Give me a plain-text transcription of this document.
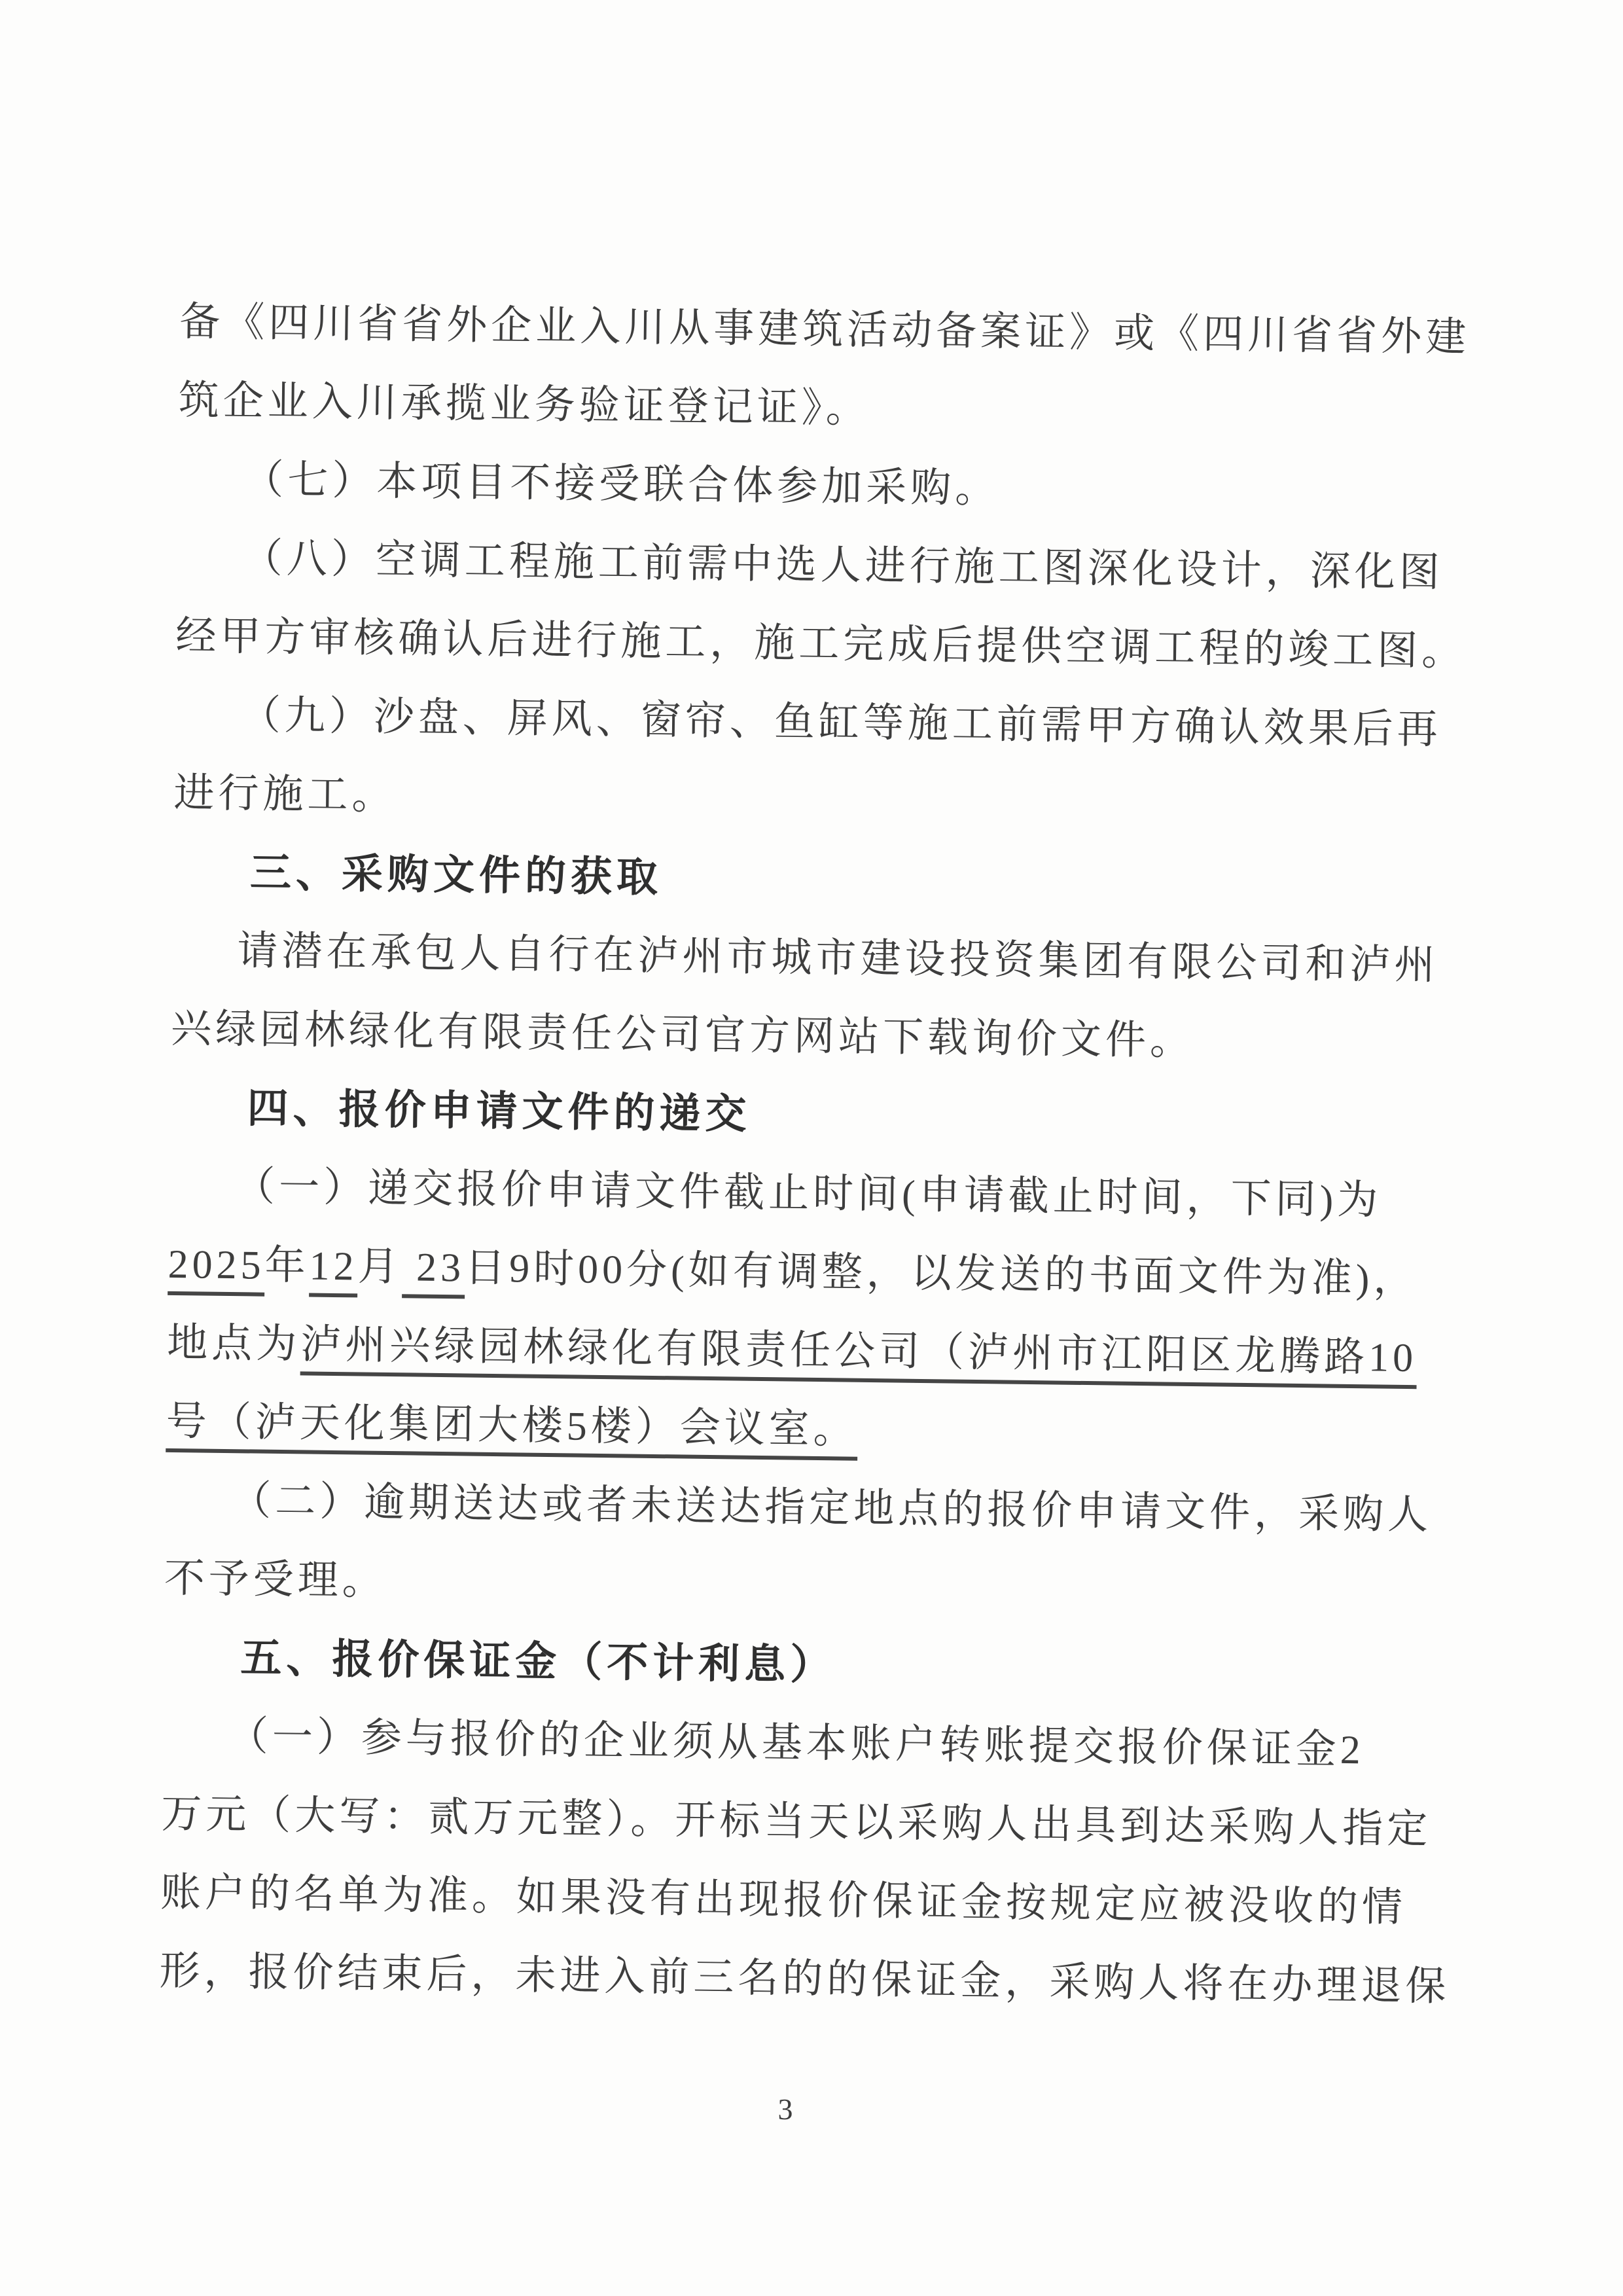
备《四川省省外企业入川从事建筑活动备案证》或《四川省省外建
筑企业入川承揽业务验证登记证》。
（七）本项目不接受联合体参加采购。
（八）空调工程施工前需中选人进行施工图深化设计，深化图
经甲方审核确认后进行施工，施工完成后提供空调工程的竣工图。
（九）沙盘、屏风、窗帘、鱼缸等施工前需甲方确认效果后再
进行施工。
三、采购文件的获取
请潜在承包人自行在泸州市城市建设投资集团有限公司和泸州
兴绿园林绿化有限责任公司官方网站下载询价文件。
四、报价申请文件的递交
（一）递交报价申请文件截止时间(申请截止时间，下同)为
2025年12月 23日9时00分(如有调整，以发送的书面文件为准)，
地点为泸州兴绿园林绿化有限责任公司（泸州市江阳区龙腾路10
号（泸天化集团大楼5楼）会议室。
（二）逾期送达或者未送达指定地点的报价申请文件，采购人
不予受理。
五、报价保证金（不计利息）
（一）参与报价的企业须从基本账户转账提交报价保证金2
万元（大写：贰万元整）。开标当天以采购人出具到达采购人指定
账户的名单为准。如果没有出现报价保证金按规定应被没收的情
形，报价结束后，未进入前三名的的保证金，采购人将在办理退保
3
